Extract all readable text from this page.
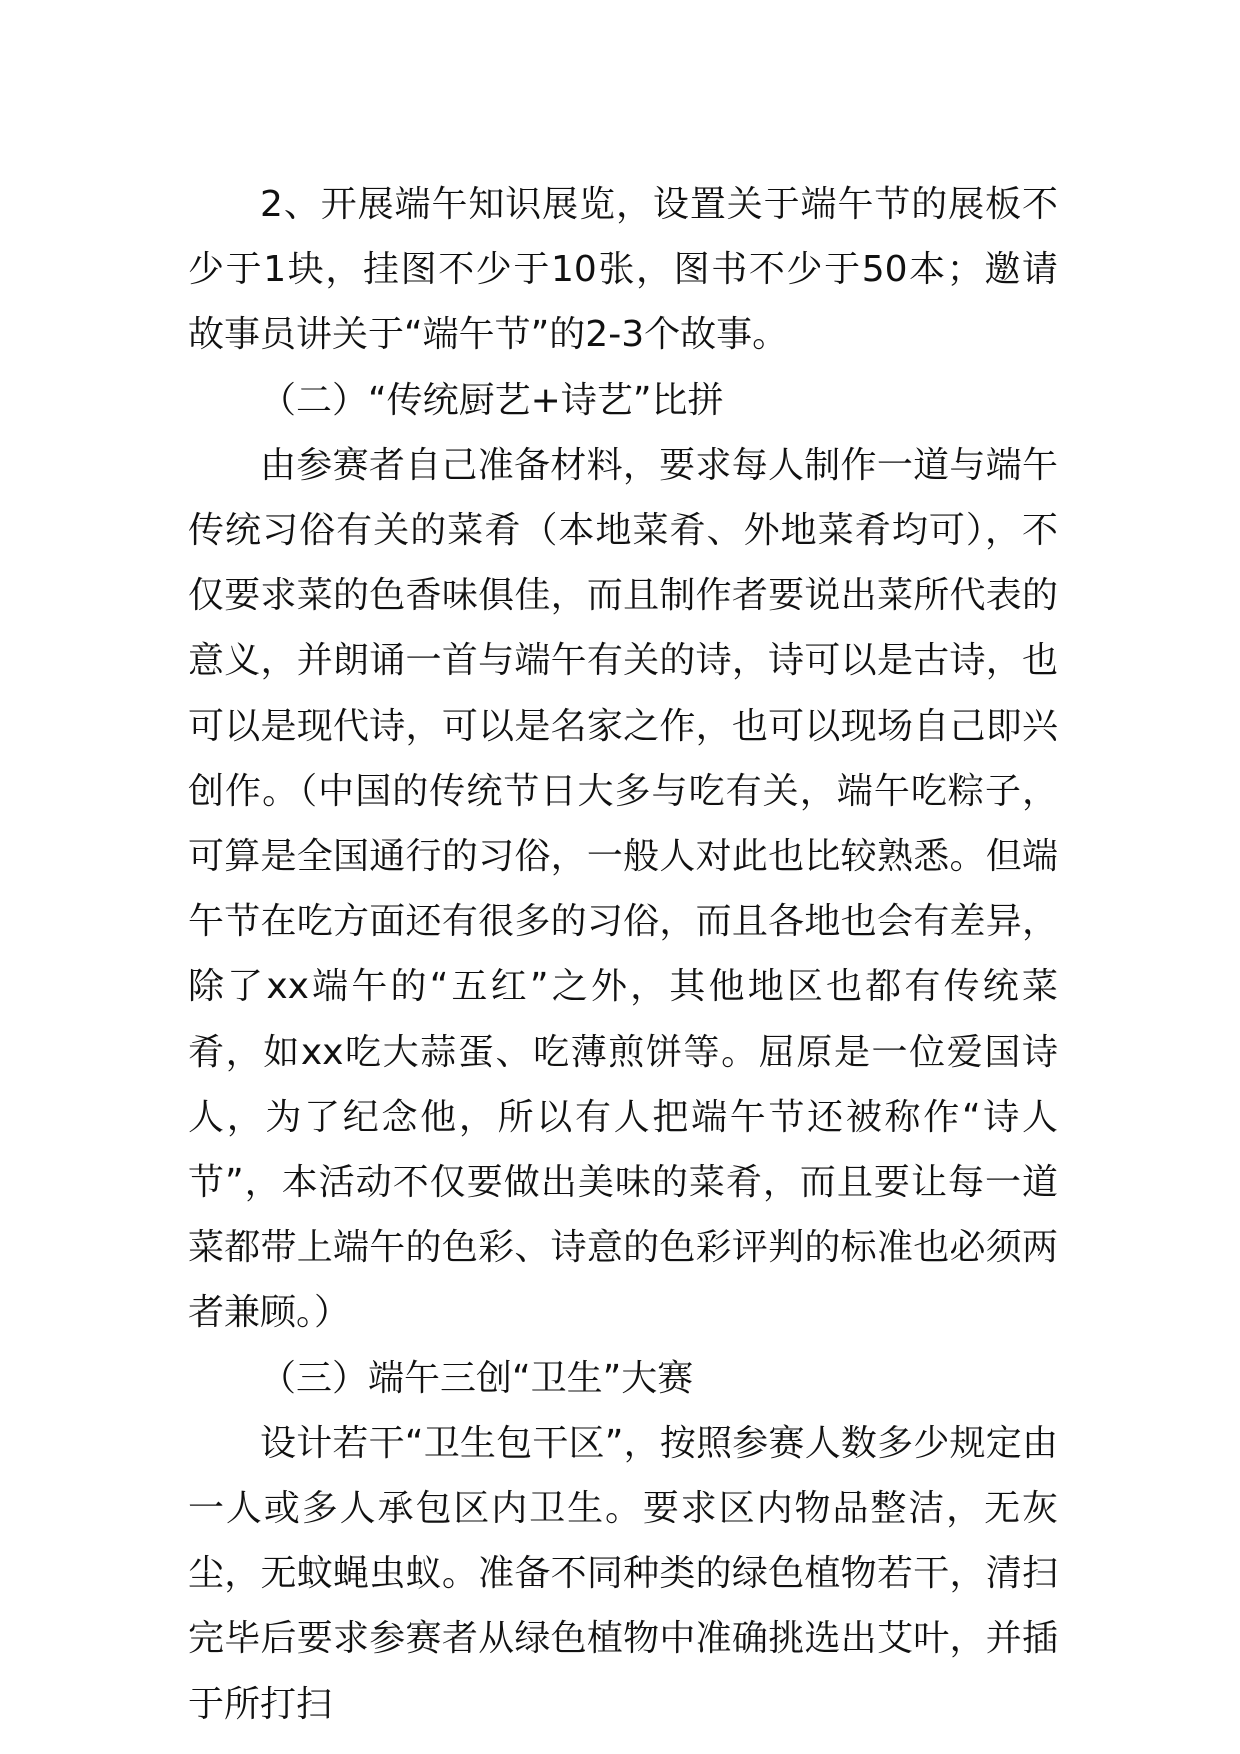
2、开展端午知识展览，设置关于端午节的展板不少于1块，挂图不少于10张，图书不少于50本；邀请故事员讲关于“端午节”的2-3个故事。

（二）“传统厨艺+诗艺”比拼

由参赛者自己准备材料，要求每人制作一道与端午传统习俗有关的菜肴（本地菜肴、外地菜肴均可），不仅要求菜的色香味俱佳，而且制作者要说出菜所代表的意义，并朗诵一首与端午有关的诗，诗可以是古诗，也可以是现代诗，可以是名家之作，也可以现场自己即兴创作。（中国的传统节日大多与吃有关，端午吃粽子，可算是全国通行的习俗，一般人对此也比较熟悉。但端午节在吃方面还有很多的习俗，而且各地也会有差异，除了xx端午的“五红”之外，其他地区也都有传统菜肴，如xx吃大蒜蛋、吃薄煎饼等。屈原是一位爱国诗人，为了纪念他，所以有人把端午节还被称作“诗人节”，本活动不仅要做出美味的菜肴，而且要让每一道菜都带上端午的色彩、诗意的色彩评判的标准也必须两者兼顾。）

（三）端午三创“卫生”大赛

设计若干“卫生包干区”，按照参赛人数多少规定由一人或多人承包区内卫生。要求区内物品整洁，无灰尘，无蚊蝇虫蚁。准备不同种类的绿色植物若干，清扫完毕后要求参赛者从绿色植物中准确挑选出艾叶，并插于所打扫
